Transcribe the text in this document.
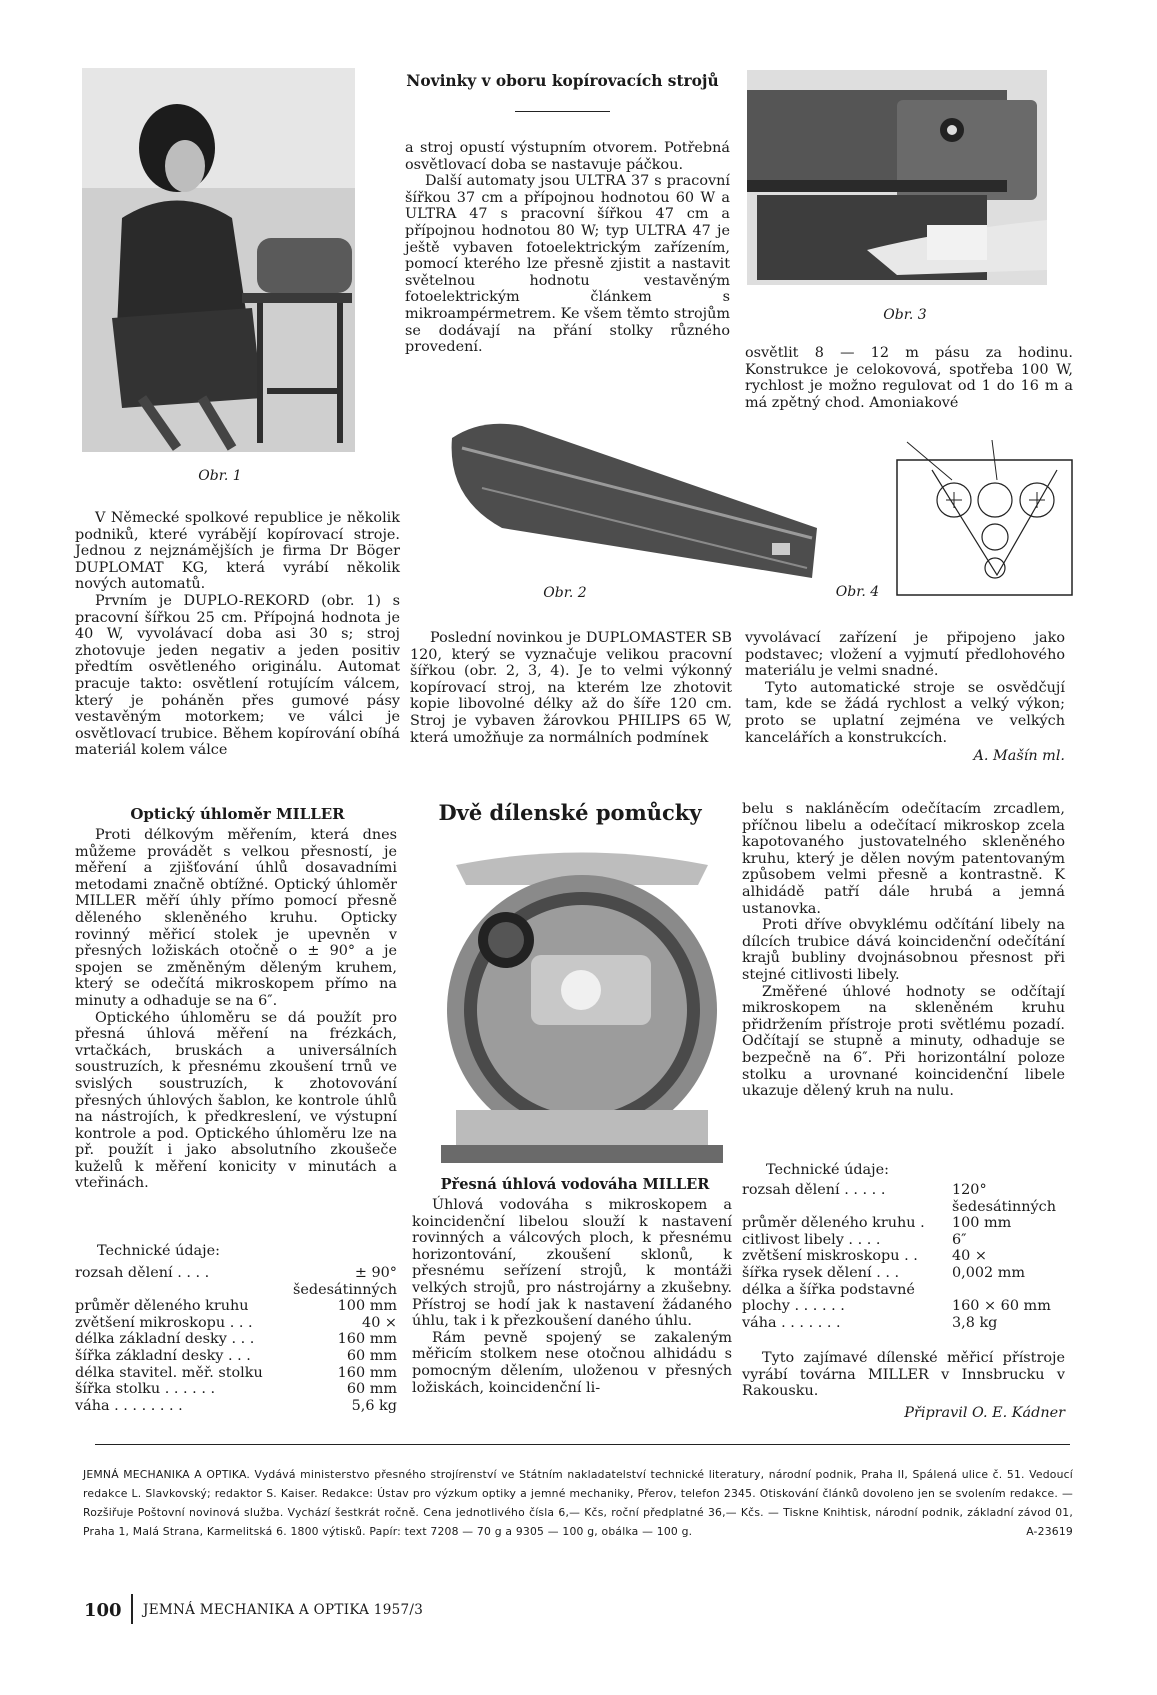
Obr. 1
Novinky v oboru kopírovacích strojů

a stroj opustí výstupním otvorem. Potřebná osvětlovací doba se nastavuje páčkou.

Další automaty jsou ULTRA 37 s pracovní šířkou 37 cm a přípojnou hodnotou 60 W a ULTRA 47 s pracovní šířkou 47 cm a přípojnou hodnotou 80 W; typ ULTRA 47 je ještě vybaven fotoelektrickým zařízením, pomocí kterého lze přesně zjistit a nastavit světelnou hodnotu vestavěným fotoelektrickým článkem s mikroampérmetrem. Ke všem těmto strojům se dodávají na přání stolky různého provedení.

Obr. 3

osvětlit 8 — 12 m pásu za hodinu. Konstrukce je celokovová, spotřeba 100 W, rychlost je možno regulovat od 1 do 16 m a má zpětný chod. Amoniakové

Obr. 2	Obr. 4

V Německé spolkové republice je několik podniků, které vyrábějí kopírovací stroje. Jednou z nejznámějších je firma Dr Böger DUPLOMAT KG, která vyrábí několik nových automatů.

Prvním je DUPLO-REKORD (obr. 1) s pracovní šířkou 25 cm. Přípojná hodnota je 40 W, vyvolávací doba asi 30 s; stroj zhotovuje jeden negativ a jeden positiv předtím osvětleného originálu. Automat pracuje takto: osvětlení rotujícím válcem, který je poháněn přes gumové pásy vestavěným motorkem; ve válci je osvětlovací trubice. Během kopírování obíhá materiál kolem válce

Poslední novinkou je DUPLOMASTER SB 120, který se vyznačuje velikou pracovní šířkou (obr. 2, 3, 4). Je to velmi výkonný kopírovací stroj, na kterém lze zhotovit kopie libovolné délky až do šíře 120 cm. Stroj je vybaven žárovkou PHILIPS 65 W, která umožňuje za normálních podmínek

vyvolávací zařízení je připojeno jako podstavec; vložení a vyjmutí předlohového materiálu je velmi snadné.

Tyto automatické stroje se osvědčují tam, kde se žádá rychlost a velký výkon; proto se uplatní zejména ve velkých kancelářích a konstrukcích.

A. Mašín ml.
Optický úhloměr MILLER

Proti délkovým měřením, která dnes můžeme provádět s velkou přesností, je měření a zjišťování úhlů dosavadními metodami značně obtížné. Optický úhloměr MILLER měří úhly přímo pomocí přesně děleného skleněného kruhu. Opticky rovinný měřicí stolek je upevněn v přesných ložiskách otočně o ± 90° a je spojen se změněným děleným kruhem, který se odečítá mikroskopem přímo na minuty a odhaduje se na 6″.

Optického úhloměru se dá použít pro přesná úhlová měření na frézkách, vrtačkách, bruskách a universálních soustruzích, k přesnému zkoušení trnů ve svislých soustruzích, k zhotovování přesných úhlových šablon, ke kontrole úhlů na nástrojích, k předkreslení, ve výstupní kontrole a pod. Optického úhloměru lze na př. použít i jako absolutního zkoušeče kuželů k měření konicity v minutách a vteřinách.

Technické údaje:
rozsah dělení . . . .	± 90° šedesátinných
průměr děleného kruhu	100 mm
zvětšení mikroskopu . . .	40 ×
délka základní desky . . .	160 mm
šířka základní desky . . .	60 mm
délka stavitel. měř. stolku	160 mm
šířka stolku . . . . . .	60 mm
váha . . . . . . . .	5,6 kg
Dvě dílenské pomůcky
Přesná úhlová vodováha MILLER

Úhlová vodováha s mikroskopem a koincidenční libelou slouží k nastavení rovinných a válcových ploch, k přesnému horizontování, zkoušení sklonů, k přesnému seřízení strojů, k montáži velkých strojů, pro nástrojárny a zkušebny. Přístroj se hodí jak k nastavení žádaného úhlu, tak i k přezkoušení daného úhlu.

Rám pevně spojený se zakaleným měřicím stolkem nese otočnou alhidádu s pomocným dělením, uloženou v přesných ložiskách, koincidenční li-

belu s nakláněcím odečítacím zrcadlem, příčnou libelu a odečítací mikroskop zcela kapotovaného justovatelného skleněného kruhu, který je dělen novým patentovaným způsobem velmi přesně a kontrastně. K alhidádě patří dále hrubá a jemná ustanovka.

Proti dříve obvyklému odčítání libely na dílcích trubice dává koincidenční odečítání krajů bubliny dvojnásobnou přesnost při stejné citlivosti libely.

Změřené úhlové hodnoty se odčítají mikroskopem na skleněném kruhu přidržením přístroje proti světlému pozadí. Odčítají se stupně a minuty, odhaduje se bezpečně na 6″. Při horizontální poloze stolku a urovnané koincidenční libele ukazuje dělený kruh na nulu.

Technické údaje:
rozsah dělení . . . . .	120° šedesátinných
průměr děleného kruhu .	100 mm
citlivost libely . . . .	6″
zvětšení miskroskopu . .	40 ×
šířka rysek dělení . . .	0,002 mm
délka a šířka podstavné plochy . . . . . .	160 × 60 mm
váha . . . . . . .	3,8 kg

Tyto zajímavé dílenské měřicí přístroje vyrábí továrna MILLER v Innsbrucku v Rakousku.

Připravil O. E. Kádner
JEMNÁ MECHANIKA A OPTIKA. Vydává ministerstvo přesného strojírenství ve Státním nakladatelství technické literatury, národní podnik, Praha II, Spálená ulice č. 51. Vedoucí redakce L. Slavkovský; redaktor S. Kaiser. Redakce: Ústav pro výzkum optiky a jemné mechaniky, Přerov, telefon 2345. Otiskování článků dovoleno jen se svolením redakce. — Rozšiřuje Poštovní novinová služba. Vychází šestkrát ročně. Cena jednotlivého čísla 6,— Kčs, roční předplatné 36,— Kčs. — Tiskne Knihtisk, národní podnik, základní závod 01, Praha 1, Malá Strana, Karmelitská 6. 1800 výtisků. Papír: text 7208 — 70 g a 9305 — 100 g, obálka — 100 g.	A-23619
100 JEMNÁ MECHANIKA A OPTIKA 1957/3
